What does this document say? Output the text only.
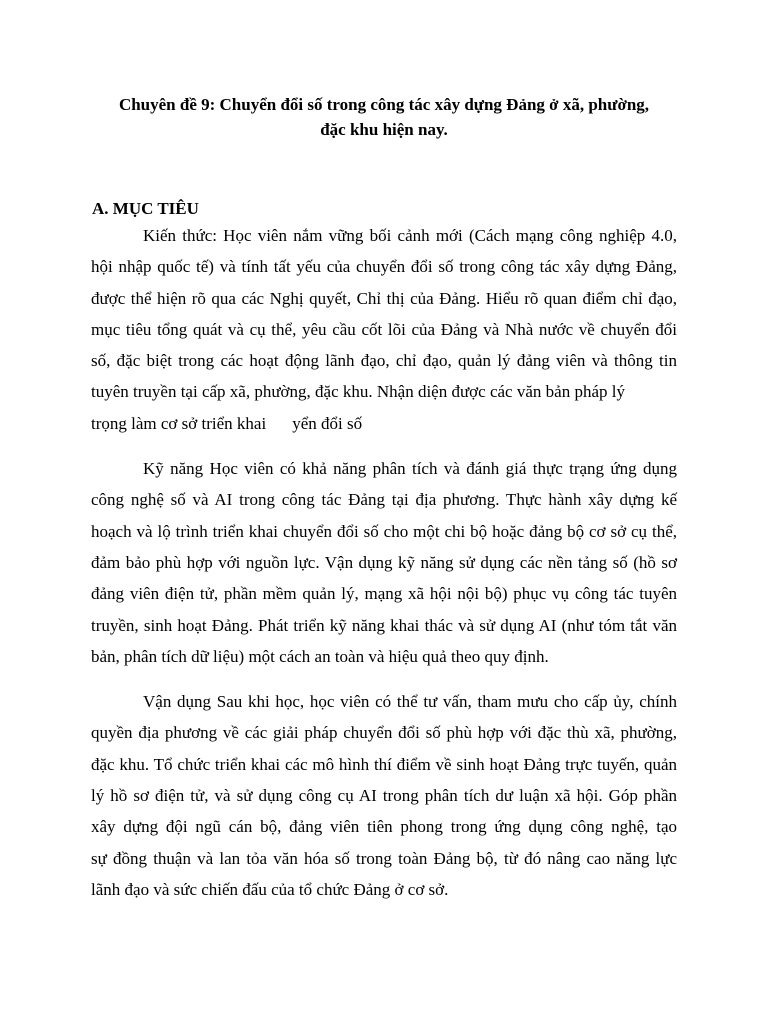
Chuyên đề 9: Chuyển đổi số trong công tác xây dựng Đảng ở xã, phường,
đặc khu hiện nay.
A. MỤC TIÊU

Kiến thức: Học viên nắm vững bối cảnh mới (Cách mạng công nghiệp 4.0,
hội nhập quốc tế) và tính tất yếu của chuyển đổi số trong công tác xây dựng Đảng,
được thể hiện rõ qua các Nghị quyết, Chỉ thị của Đảng. Hiểu rõ quan điểm chỉ đạo,
mục tiêu tổng quát và cụ thể, yêu cầu cốt lõi của Đảng và Nhà nước về chuyển đổi
số, đặc biệt trong các hoạt động lãnh đạo, chỉ đạo, quản lý đảng viên và thông tin
tuyên truyền tại cấp xã, phường, đặc khu. Nhận diện được các văn bản pháp lý
trọng làm cơ sở triển khai yển đổi số

Kỹ năng Học viên có khả năng phân tích và đánh giá thực trạng ứng dụng
công nghệ số và AI trong công tác Đảng tại địa phương. Thực hành xây dựng kế
hoạch và lộ trình triển khai chuyển đổi số cho một chi bộ hoặc đảng bộ cơ sở cụ thể,
đảm bảo phù hợp với nguồn lực. Vận dụng kỹ năng sử dụng các nền tảng số (hồ sơ
đảng viên điện tử, phần mềm quản lý, mạng xã hội nội bộ) phục vụ công tác tuyên
truyền, sinh hoạt Đảng. Phát triển kỹ năng khai thác và sử dụng AI (như tóm tắt văn
bản, phân tích dữ liệu) một cách an toàn và hiệu quả theo quy định.

Vận dụng Sau khi học, học viên có thể tư vấn, tham mưu cho cấp ủy, chính
quyền địa phương về các giải pháp chuyển đổi số phù hợp với đặc thù xã, phường,
đặc khu. Tổ chức triển khai các mô hình thí điểm về sinh hoạt Đảng trực tuyến, quản
lý hồ sơ điện tử, và sử dụng công cụ AI trong phân tích dư luận xã hội. Góp phần
xây dựng đội ngũ cán bộ, đảng viên tiên phong trong ứng dụng công nghệ, tạo
sự đồng thuận và lan tỏa văn hóa số trong toàn Đảng bộ, từ đó nâng cao năng lực
lãnh đạo và sức chiến đấu của tổ chức Đảng ở cơ sở.
